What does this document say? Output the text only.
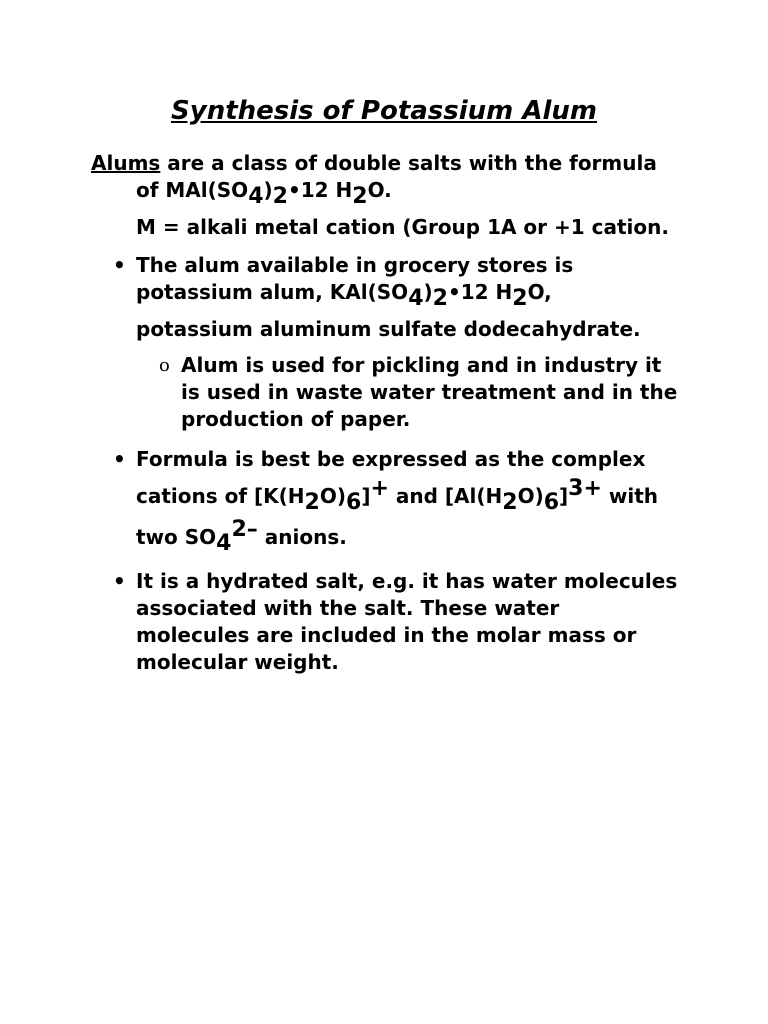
Synthesis of Potassium Alum
Alums are a class of double salts with the formula
of MAl(SO4)2•12 H2O.
M = alkali metal cation (Group 1A or +1 cation.
• The alum available in grocery stores is
potassium alum, KAl(SO4)2•12 H2O,
potassium aluminum sulfate dodecahydrate.
o Alum is used for pickling and in industry it
is used in waste water treatment and in the
production of paper.
• Formula is best be expressed as the complex
cations of [K(H2O)6]+ and [Al(H2O)6]3+ with
two SO42– anions.
• It is a hydrated salt, e.g. it has water molecules
associated with the salt. These water
molecules are included in the molar mass or
molecular weight.
